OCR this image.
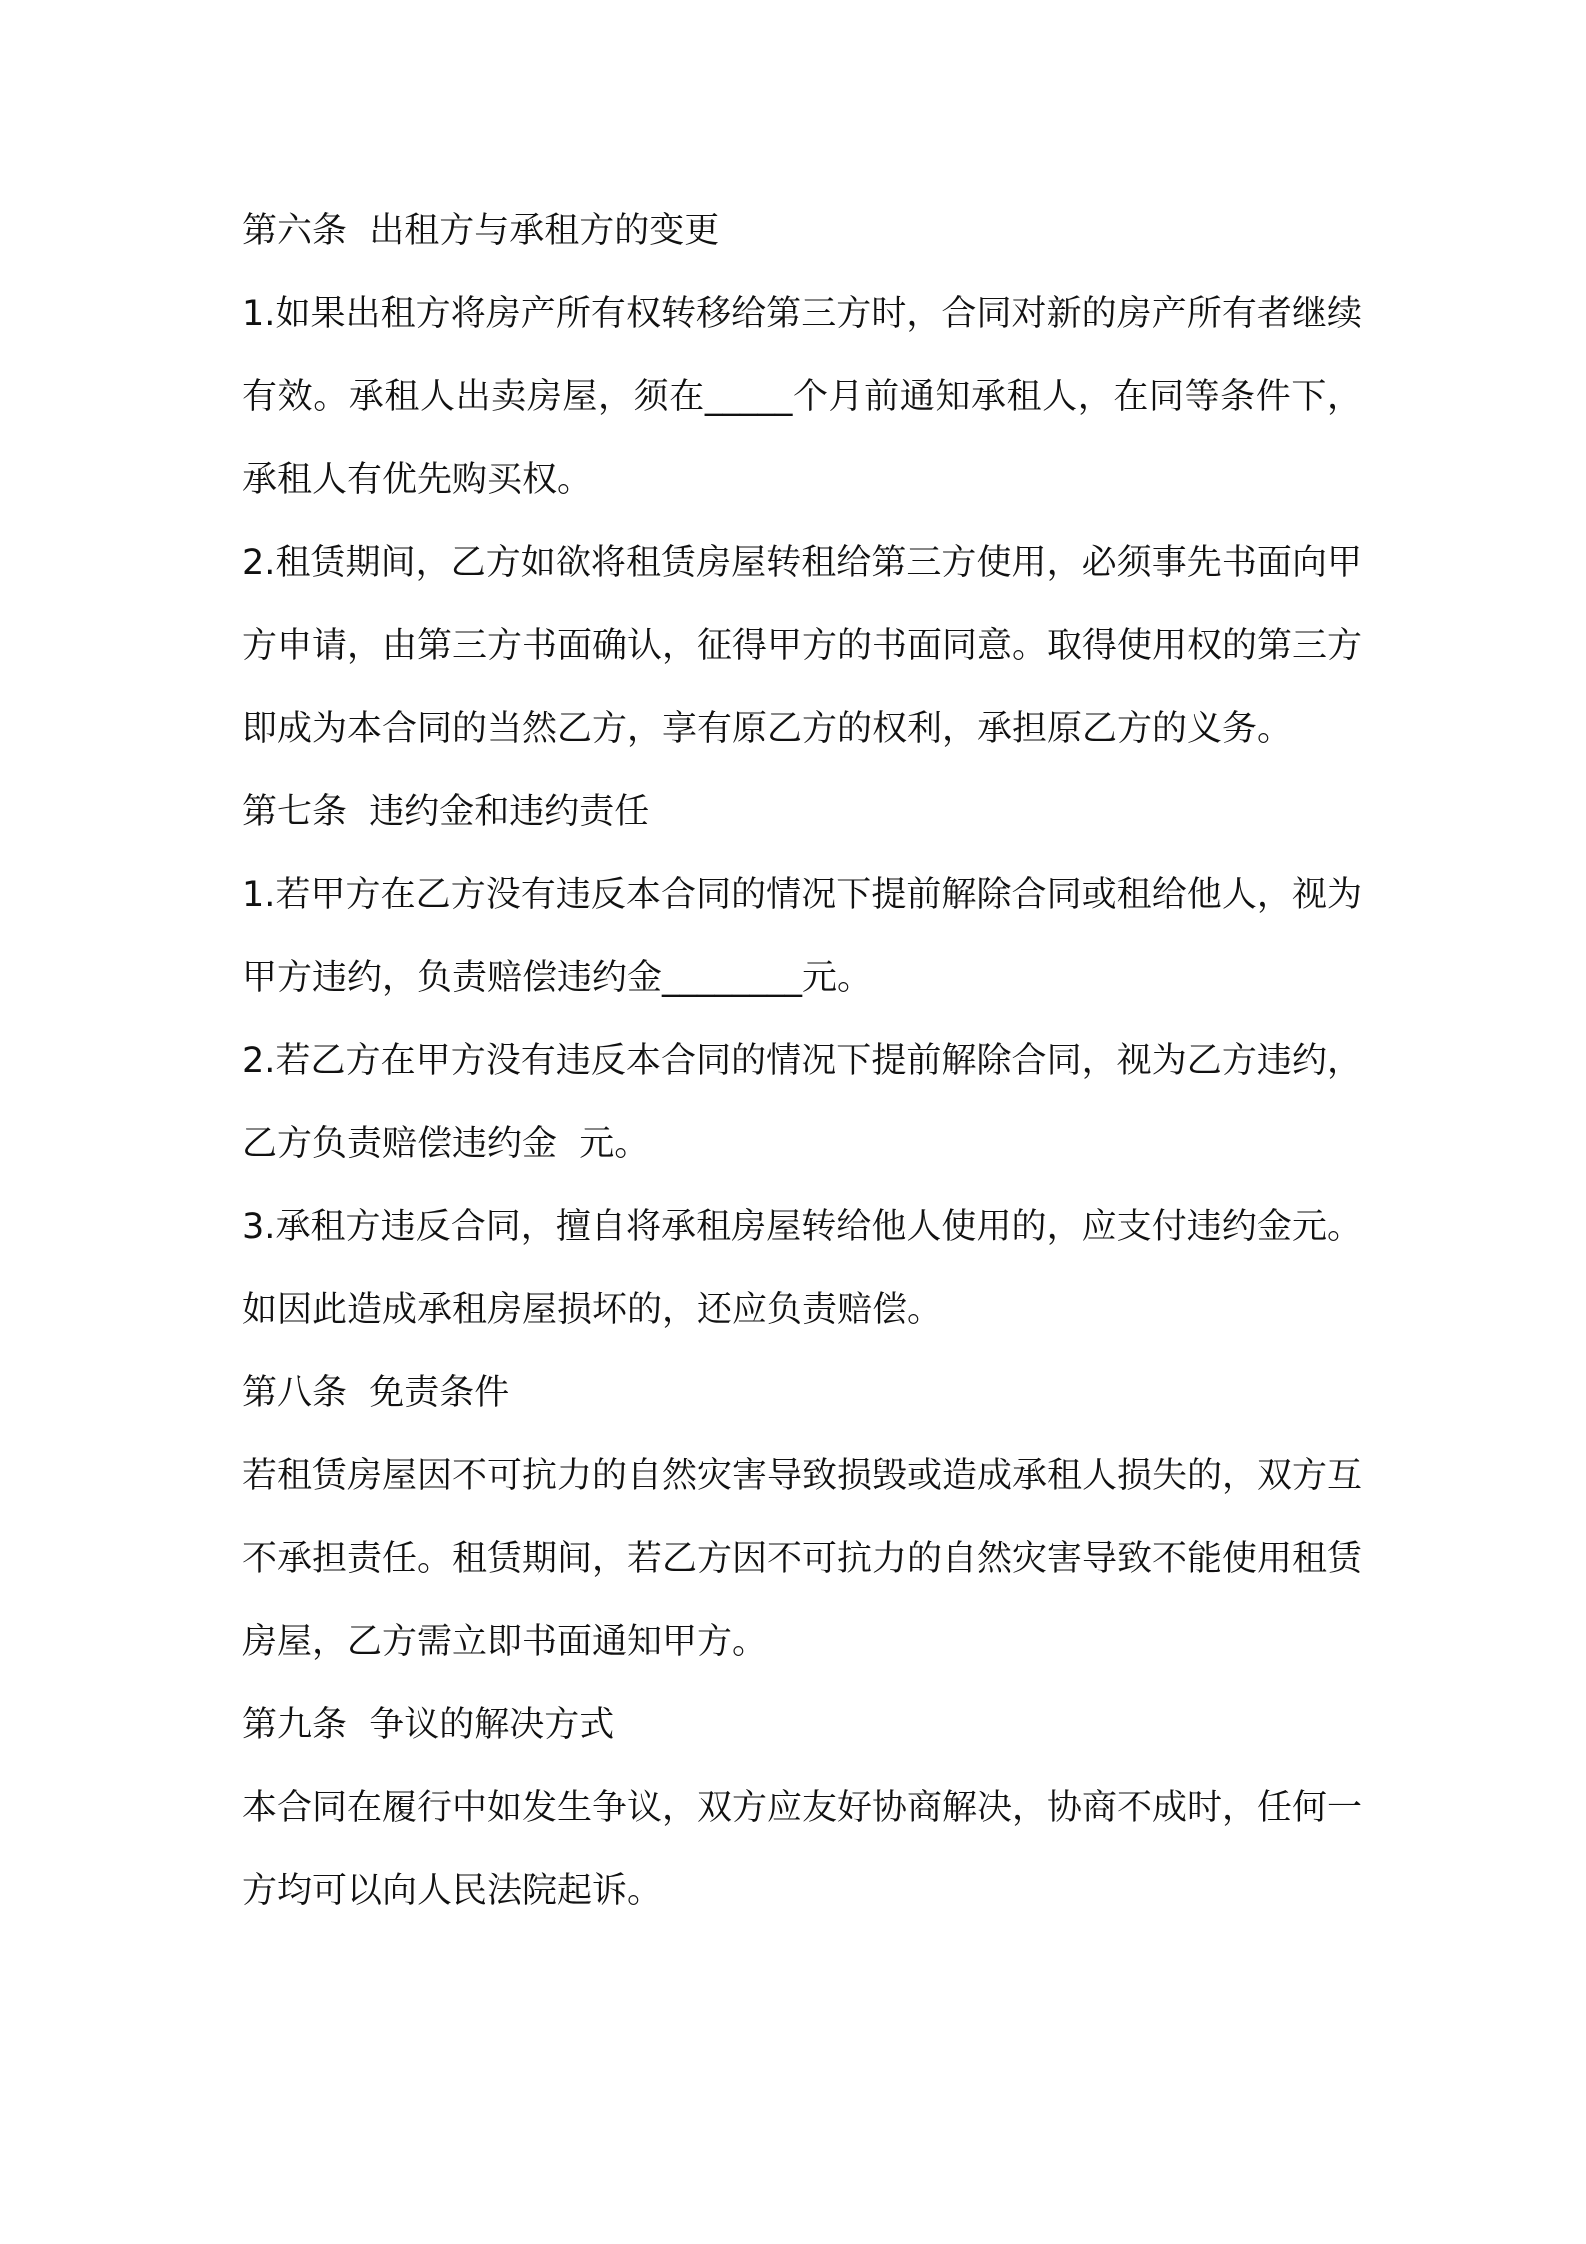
第六条  出租方与承租方的变更

1.如果出租方将房产所有权转移给第三方时，合同对新的房产所有者继续有效。承租人出卖房屋，须在_____个月前通知承租人，在同等条件下，承租人有优先购买权。

2.租赁期间，乙方如欲将租赁房屋转租给第三方使用，必须事先书面向甲方申请，由第三方书面确认，征得甲方的书面同意。取得使用权的第三方即成为本合同的当然乙方，享有原乙方的权利，承担原乙方的义务。

第七条  违约金和违约责任

1.若甲方在乙方没有违反本合同的情况下提前解除合同或租给他人，视为甲方违约，负责赔偿违约金________元。

2.若乙方在甲方没有违反本合同的情况下提前解除合同，视为乙方违约，乙方负责赔偿违约金  元。

3.承租方违反合同，擅自将承租房屋转给他人使用的，应支付违约金元。如因此造成承租房屋损坏的，还应负责赔偿。

第八条  免责条件

若租赁房屋因不可抗力的自然灾害导致损毁或造成承租人损失的，双方互不承担责任。租赁期间，若乙方因不可抗力的自然灾害导致不能使用租赁房屋，乙方需立即书面通知甲方。

第九条  争议的解决方式

本合同在履行中如发生争议，双方应友好协商解决，协商不成时，任何一方均可以向人民法院起诉。
